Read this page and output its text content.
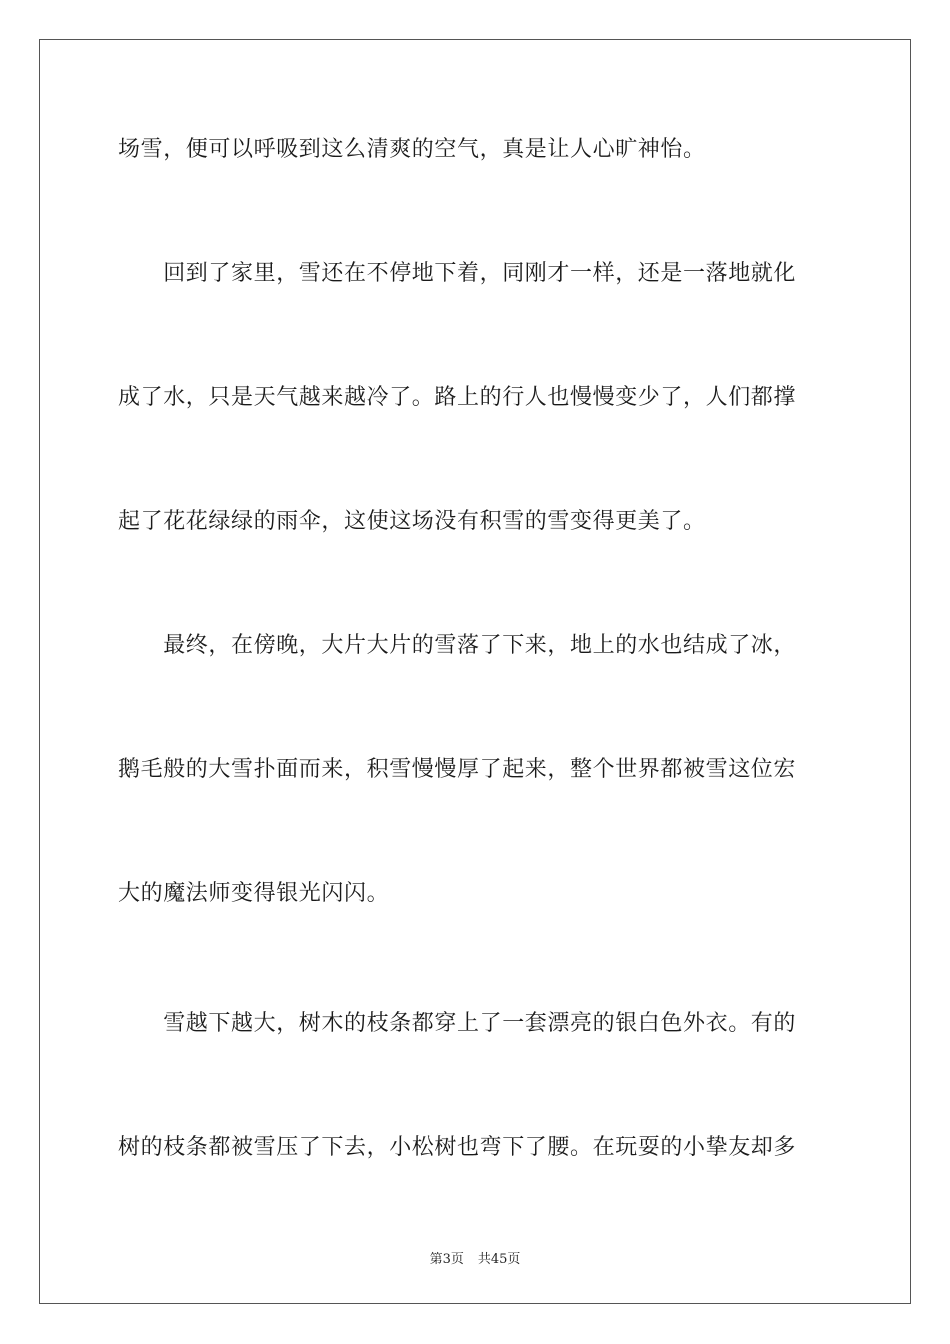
场雪，便可以呼吸到这么清爽的空气，真是让人心旷神怡。
　　回到了家里，雪还在不停地下着，同刚才一样，还是一落地就化
成了水，只是天气越来越冷了。路上的行人也慢慢变少了，人们都撑
起了花花绿绿的雨伞，这使这场没有积雪的雪变得更美了。
　　最终，在傍晚，大片大片的雪落了下来，地上的水也结成了冰，
鹅毛般的大雪扑面而来，积雪慢慢厚了起来，整个世界都被雪这位宏
大的魔法师变得银光闪闪。
　　雪越下越大，树木的枝条都穿上了一套漂亮的银白色外衣。有的
树的枝条都被雪压了下去，小松树也弯下了腰。在玩耍的小挚友却多
第3页 共45页
